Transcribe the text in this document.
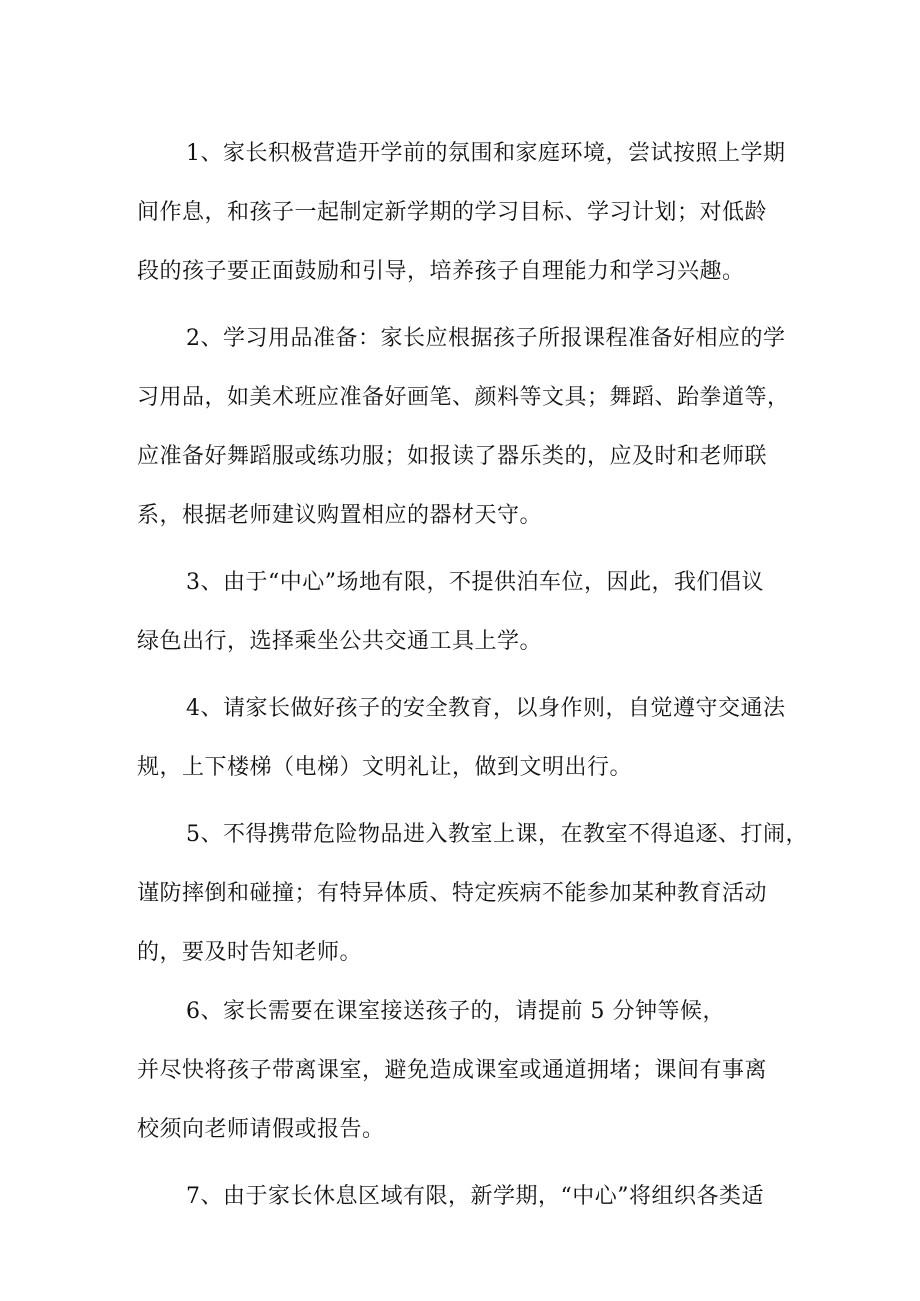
1、家长积极营造开学前的氛围和家庭环境，尝试按照上学期
间作息，和孩子一起制定新学期的学习目标、学习计划；对低龄
段的孩子要正面鼓励和引导，培养孩子自理能力和学习兴趣。
2、学习用品准备：家长应根据孩子所报课程准备好相应的学
习用品，如美术班应准备好画笔、颜料等文具；舞蹈、跆拳道等，
应准备好舞蹈服或练功服；如报读了器乐类的，应及时和老师联
系，根据老师建议购置相应的器材天守。
3、由于“中心”场地有限，不提供泊车位，因此，我们倡议
绿色出行，选择乘坐公共交通工具上学。
4、请家长做好孩子的安全教育，以身作则，自觉遵守交通法
规，上下楼梯（电梯）文明礼让，做到文明出行。
5、不得携带危险物品进入教室上课，在教室不得追逐、打闹，
谨防摔倒和碰撞；有特异体质、特定疾病不能参加某种教育活动
的，要及时告知老师。
6、家长需要在课室接送孩子的，请提前 5 分钟等候，
并尽快将孩子带离课室，避免造成课室或通道拥堵；课间有事离
校须向老师请假或报告。
7、由于家长休息区域有限，新学期，“中心”将组织各类适
